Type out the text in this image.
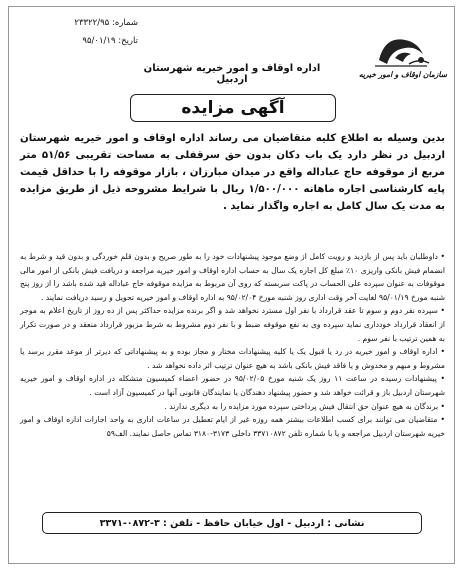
شماره: ۲۳۳۲۲/۹۵
تاریخ: ۹۵/۰۱/۱۹
سازمان اوقاف و امور خیریه
اداره اوقاف و امور خیریه شهرستان اردبیل
آگهی مزایده
بدین وسیله به اطلاع کلیه متقاضیان می رساند اداره اوقاف و امور خیریه شهرستان اردبیل در نظر دارد یک باب دکان بدون حق سرقفلی به مساحت تقریبی ۵۱/۵۶ متر مربع از موقوفه حاج عباداله واقع در میدان مبارزان ، بازار موقوفه را با حداقل قیمت پایه کارشناسی اجاره ماهانه ۱/۵۰۰/۰۰۰ ریال با شرایط مشروحه ذیل از طریق مزایده به مدت یک سال کامل به اجاره واگذار نماید .

• داوطلبان باید پس از بازدید و رویت کامل از وضع موجود پیشنهادات خود را به طور صریح و بدون قلم خوردگی و بدون قید و شرط به انضمام فیش بانکی واریزی ۱۰٪ مبلغ کل اجاره یک سال به حساب اداره اوقاف و امور خیریه مراجعه و دریافت فیش بانکی از امور مالی موقوفات به عنوان سپرده علی الحساب در پاکت سربسته که روی آن مربوط به مزایده موقوفه حاج عباداله قید شده باشد را از روز پنج شنبه مورخ ۹۵/۰۱/۱۹ لغایت آخر وقت اداری روز شنبه مورخ ۹۵/۰۲/۰۴ به اداره اوقاف و امور خیریه تحویل و رسید دریافت نمایند .

• سپرده نفر دوم و سوم تا عقد قرارداد با نفر اول مسترد نخواهد شد و اگر برنده مزایده حداکثر پس از ده روز از تاریخ اعلام به موجر از انعقاد قرارداد خودداری نماید سپرده وی به نفع موقوفه ضبط و با نفر دوم مشروط به شرط مزبور قرارداد منعقد و در صورت تکرار به همین ترتیب با نفر سوم .

• اداره اوقاف و امور خیریه در رد یا قبول یک یا کلیه پیشنهادات مختار و مجاز بوده و به پیشنهاداتی که دیرتر از موعد مقرر برسد یا مشروط و مبهم و مخدوش و یا فاقد فیش بانکی باشد به هیچ عنوان ترتیب اثر داده نخواهد شد .

• پیشنهادات رسیده در ساعت ۱۱ روز یک شنبه مورخ ۹۵/۰۲/۰۵ در حضور اعضاء کمیسیون متشکله در اداره اوقاف و امور خیریه شهرستان اردبیل باز و قرائت خواهد شد و حضور پیشنهاد دهندگان یا نمایندگان قانونی آنها در کمیسیون آزاد است .

• برندگان به هیچ عنوان حق انتقال فیش پرداختی سپرده مورد مزایده را به دیگری ندارند .

• متقاضیان می توانند برای کسب اطلاعات بیشتر همه روزه غیر از ایام تعطیل در ساعات اداری به واحد اجارات اداره اوقاف و امور خیریه شهرستان اردبیل مراجعه و یا با شماره تلفن ۳۳۷۱۰۸۷۲ داخلی ۳۱۷۳-۳۱۸۰ تماس حاصل نمایند. الف۵۹

نشانی : اردبیل - اول خیابان حافظ - تلفن : ۳-۰۸۷۲-۳۳۷۱
